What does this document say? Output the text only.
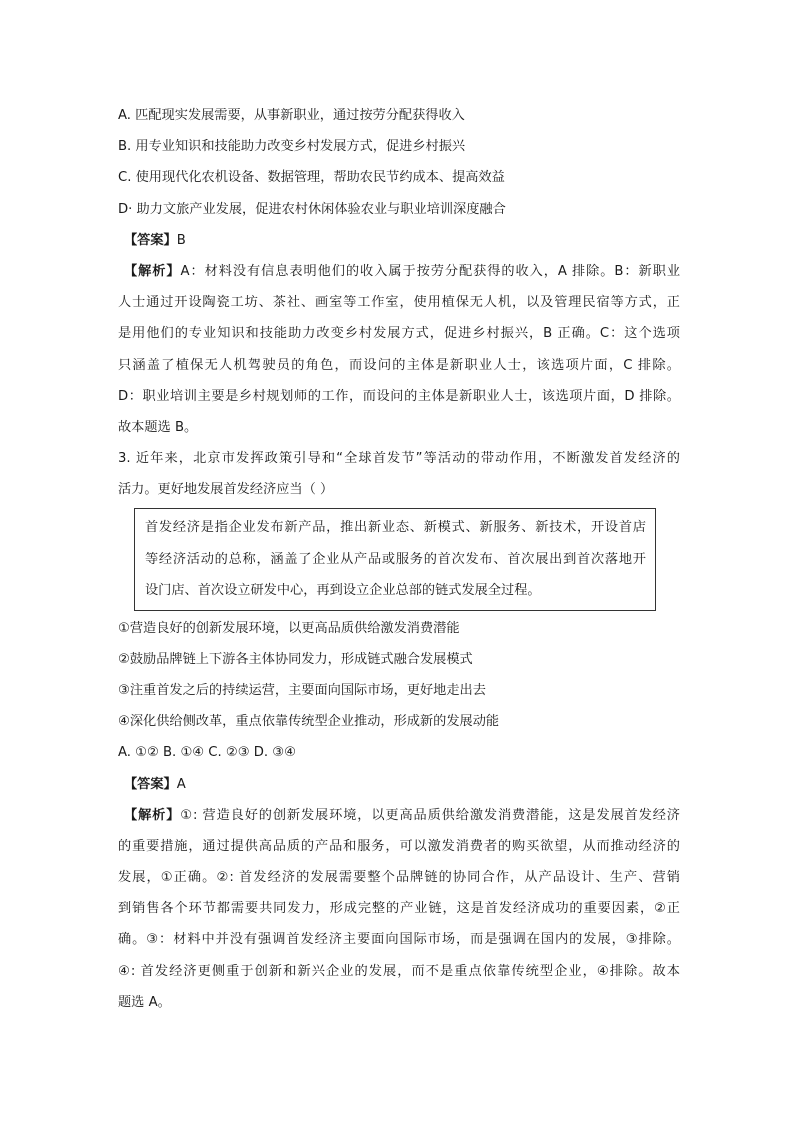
A. 匹配现实发展需要，从事新职业，通过按劳分配获得收入
B. 用专业知识和技能助力改变乡村发展方式，促进乡村振兴
C. 使用现代化农机设备、数据管理，帮助农民节约成本、提高效益
D· 助力文旅产业发展，促进农村休闲体验农业与职业培训深度融合
【答案】B
【解析】A：材料没有信息表明他们的收入属于按劳分配获得的收入，A 排除。B：新职业
人士通过开设陶瓷工坊、茶社、画室等工作室，使用植保无人机，以及管理民宿等方式，正
是用他们的专业知识和技能助力改变乡村发展方式，促进乡村振兴，B 正确。C：这个选项
只涵盖了植保无人机驾驶员的角色，而设问的主体是新职业人士，该选项片面，C 排除。
D：职业培训主要是乡村规划师的工作，而设问的主体是新职业人士，该选项片面，D 排除。
故本题选 B。
3. 近年来，北京市发挥政策引导和“全球首发节”等活动的带动作用，不断激发首发经济的
活力。更好地发展首发经济应当（ ）
首发经济是指企业发布新产品，推出新业态、新模式、新服务、新技术，开设首店
等经济活动的总称，涵盖了企业从产品或服务的首次发布、首次展出到首次落地开
设门店、首次设立研发中心，再到设立企业总部的链式发展全过程。
①营造良好的创新发展环境，以更高品质供给激发消费潜能
②鼓励品牌链上下游各主体协同发力，形成链式融合发展模式
③注重首发之后的持续运营，主要面向国际市场，更好地走出去
④深化供给侧改革，重点依靠传统型企业推动，形成新的发展动能
A. ①② B. ①④ C. ②③ D. ③④
【答案】A
【解析】①: 营造良好的创新发展环境，以更高品质供给激发消费潜能，这是发展首发经济
的重要措施，通过提供高品质的产品和服务，可以激发消费者的购买欲望，从而推动经济的
发展，①正确。②: 首发经济的发展需要整个品牌链的协同合作，从产品设计、生产、营销
到销售各个环节都需要共同发力，形成完整的产业链，这是首发经济成功的重要因素，②正
确。③：材料中并没有强调首发经济主要面向国际市场，而是强调在国内的发展，③排除。
④: 首发经济更侧重于创新和新兴企业的发展，而不是重点依靠传统型企业，④排除。故本
题选 A。
